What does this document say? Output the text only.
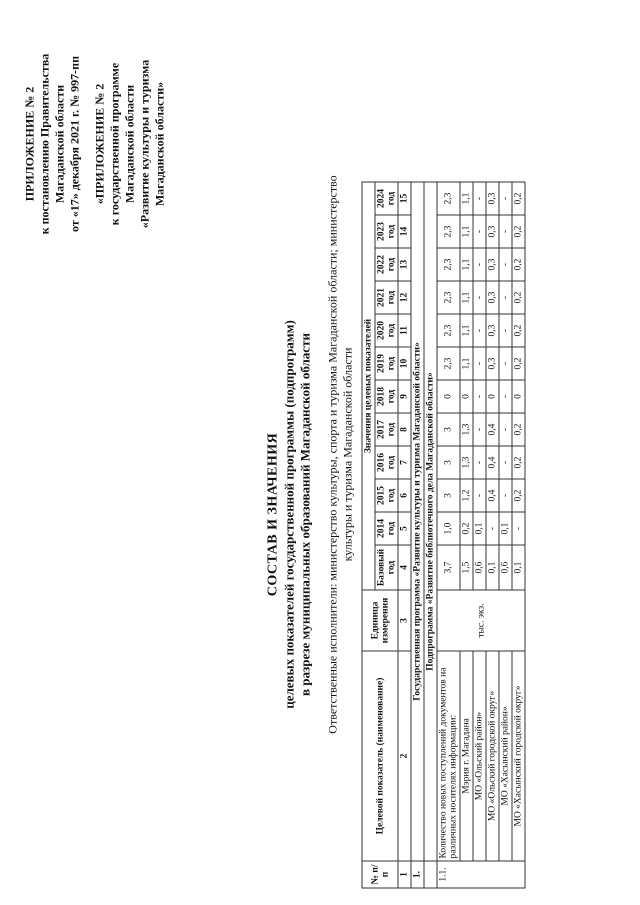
ПРИЛОЖЕНИЕ № 2 к постановлению Правительства Магаданской области от «17» декабря 2021 г. № 997-пп «ПРИЛОЖЕНИЕ № 2 к государственной программе Магаданской области «Развитие культуры и туризма Магаданской области»
СОСТАВ И ЗНАЧЕНИЯ целевых показателей государственной программы (подпрограмм) в разрезе муниципальных образований Магаданской области Ответственные исполнители: министерство культуры, спорта и туризма Магаданской области; министерство культуры и туризма Магаданской области
№ п/п	Целевой показатель (наименование)	Единица измерения	Значения целевых показателей											
			Базовый год	2014 год	2015 год	2016 год	2017 год	2018 год	2019 год	2020 год	2021 год	2022 год	2023 год	2024 год
1	2	3	4	5	6	7	8	9	10	11	12	13	14	15
1.	Государственная программа «Развитие культуры и туризма Магаданской области»													
	Подпрограмма «Развитие библиотечного дела Магаданской области»													
1.1.	Количество новых поступлений документов на различных носителях информации:	тыс. экз.	3,7	1,0	3	3	3	0	2,3	2,3	2,3	2,3	2,3	2,3
	Мэрия г. Магадана		1,5	0,2	1,2	1,3	1,3	0	1,1	1,1	1,1	1,1	1,1	1,1
	МО «Ольский район»		0,6	0,1	-	-	-	-	-	-	-	-	-	-
	МО «Ольский городской округ»		0,1	-	0,4	0,4	0,4	0	0,3	0,3	0,3	0,3	0,3	0,3
	МО «Хасынский район»		0,6	0,1	-	-	-	-	-	-	-	-	-	-
	МО «Хасынский городской округ»		0,1	-	0,2	0,2	0,2	0	0,2	0,2	0,2	0,2	0,2	0,2
